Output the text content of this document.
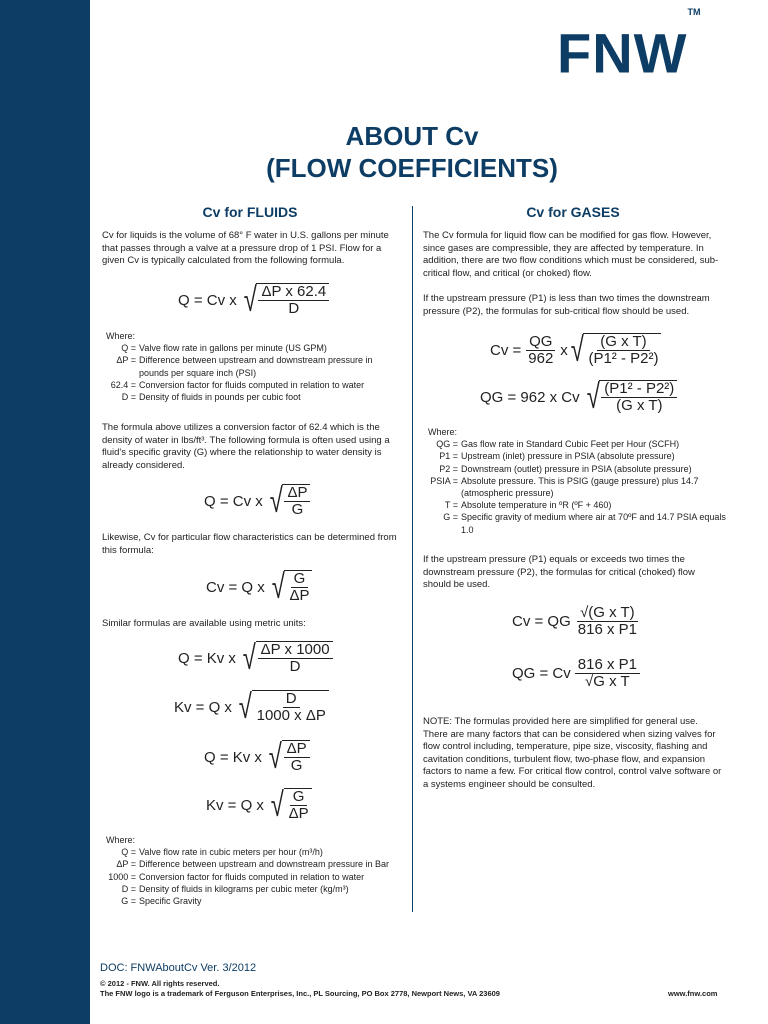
FNW™
ABOUT Cv
(FLOW COEFFICIENTS)
Cv for FLUIDS	Cv for GASES
Cv for liquids is the volume of 68° F water in U.S. gallons per minute that passes through a valve at a pressure drop of 1 PSI. Flow for a given Cv is typically calculated from the following formula.
Q = Cv x √ $\frac{\text{ΔP x 62.4}}{D}$
Where:
Q = Valve flow rate in gallons per minute (US GPM)
ΔP = Difference between upstream and downstream pressure in pounds per square inch (PSI)
62.4 = Conversion factor for fluids computed in relation to water
D = Density of fluids in pounds per cubic foot
The formula above utilizes a conversion factor of 62.4 which is the density of water in lbs/ft³. The following formula is often used using a fluid's specific gravity (G) where the relationship to water density is already considered.
Q = Cv x √ $\frac{\Delta P}{G}$
Likewise, Cv for particular flow characteristics can be determined from this formula:
Cv = Q x √ $\frac{G}{\Delta P}$
Similar formulas are available using metric units:
Q = Kv x √ $\frac{\text{ΔP x 1000}}{D}$
Kv = Q x √ $\frac{D}{\text{1000 x ΔP}}$
Q = Kv x √ $\frac{\Delta P}{G}$
Kv = Q x √ $\frac{G}{\Delta P}$
Where:
Q = Valve flow rate in cubic meters per hour (m³/h)
ΔP = Difference between upstream and downstream pressure in Bar
1000 = Conversion factor for fluids computed in relation to water
D = Density of fluids in kilograms per cubic meter (kg/m³)
G = Specific Gravity
The Cv formula for liquid flow can be modified for gas flow. However, since gases are compressible, they are affected by temperature. In addition, there are two flow conditions which must be considered, sub-critical flow, and critical (or choked) flow.
If the upstream pressure (P1) is less than two times the downstream pressure (P2), the formulas for sub-critical flow should be used.
$Cv = \frac{QG}{962}$ x √ $\frac{\text{(G x T)}}{\text{(P1² - P2²)}}$
QG = 962 x Cv √ $\frac{\text{(P1² - P2²)}}{\text{(G x T)}}$
Where:
QG = Gas flow rate in Standard Cubic Feet per Hour (SCFH)
P1 = Upstream (inlet) pressure in PSIA (absolute pressure)
P2 = Downstream (outlet) pressure in PSIA (absolute pressure)
PSIA = Absolute pressure. This is PSIG (gauge pressure) plus 14.7 (atmospheric pressure)
T = Absolute temperature in ºR (ºF + 460)
G = Specific gravity of medium where air at 70ºF and 14.7 PSIA equals 1.0
If the upstream pressure (P1) equals or exceeds two times the downstream pressure (P2), the formulas for critical (choked) flow should be used.
Cv = QG $\frac{\text{√(G x T)}}{\text{816 x P1}}$
QG = Cv $\frac{\text{816 x P1}}{\text{√G x T}}$
NOTE: The formulas provided here are simplified for general use. There are many factors that can be considered when sizing valves for flow control including, temperature, pipe size, viscosity, flashing and cavitation conditions, turbulent flow, two-phase flow, and expansion factors to name a few. For critical flow control, control valve software or a systems engineer should be consulted.
DOC: FNWAboutCv Ver. 3/2012
© 2012 - FNW. All rights reserved.
The FNW logo is a trademark of Ferguson Enterprises, Inc., PL Sourcing, PO Box 2778, Newport News, VA 23609	www.fnw.com
